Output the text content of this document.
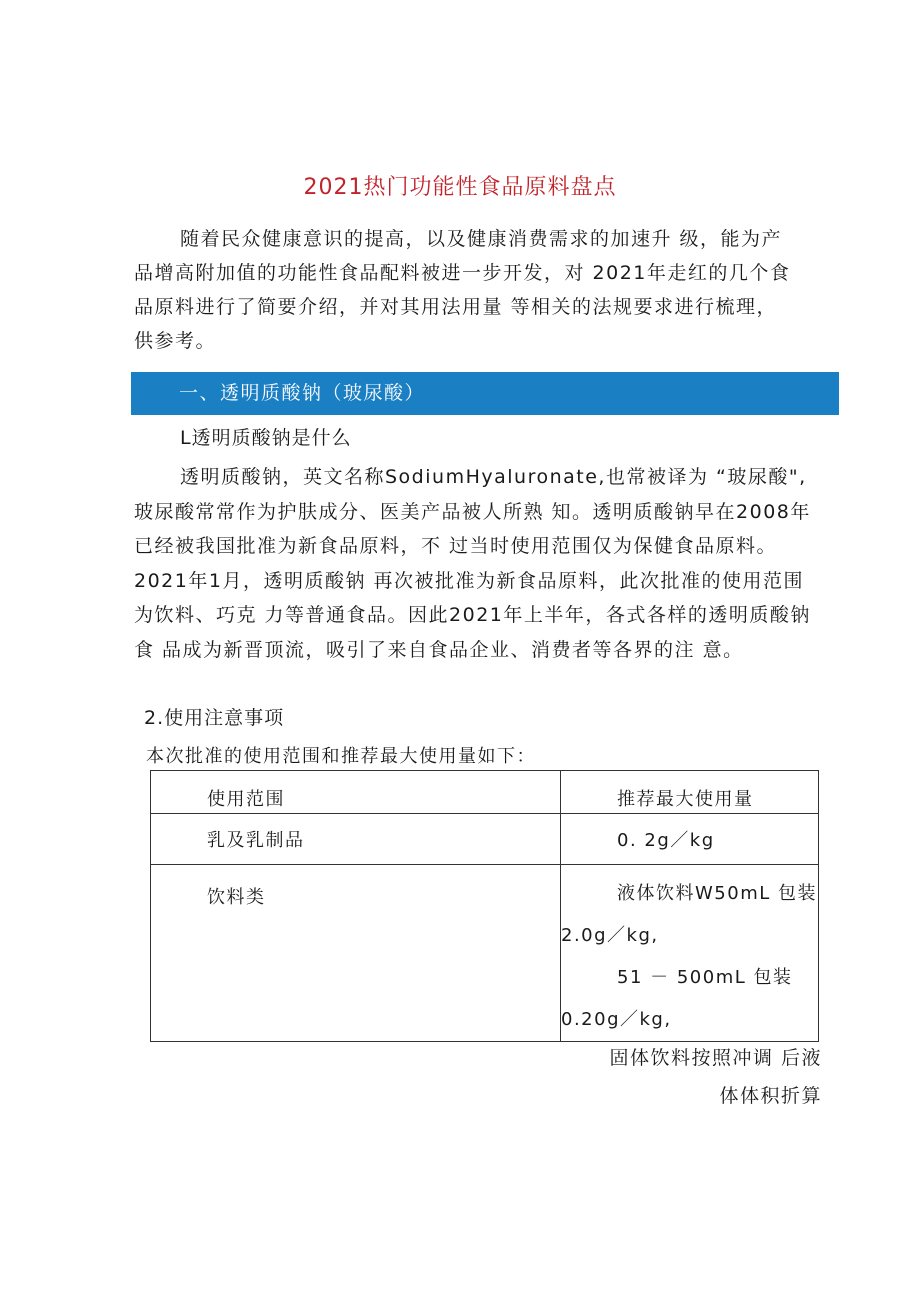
2021热门功能性食品原料盘点
随着民众健康意识的提高，以及健康消费需求的加速升 级，能为产
品增高附加值的功能性食品配料被进一步开发，对 2021年走红的几个食
品原料进行了简要介绍，并对其用法用量 等相关的法规要求进行梳理，
供参考。
一、透明质酸钠（玻尿酸）
L透明质酸钠是什么
透明质酸钠，英文名称SodiumHyaluronate,也常被译为 “玻尿酸",
玻尿酸常常作为护肤成分、医美产品被人所熟 知。透明质酸钠早在2008年
已经被我国批准为新食品原料，不 过当时使用范围仅为保健食品原料。
2021年1月，透明质酸钠 再次被批准为新食品原料，此次批准的使用范围
为饮料、巧克 力等普通食品。因此2021年上半年，各式各样的透明质酸钠
食 品成为新晋顶流，吸引了来自食品企业、消费者等各界的注 意。
2.使用注意事项
本次批准的使用范围和推荐最大使用量如下：
使用范围	推荐最大使用量

乳及乳制品	0. 2g／kg

饮料类	液体饮料W50mL 包装
2.0g／kg,
51 － 500mL 包装
0.20g／kg,
固体饮料按照冲调 后液
体体积折算
